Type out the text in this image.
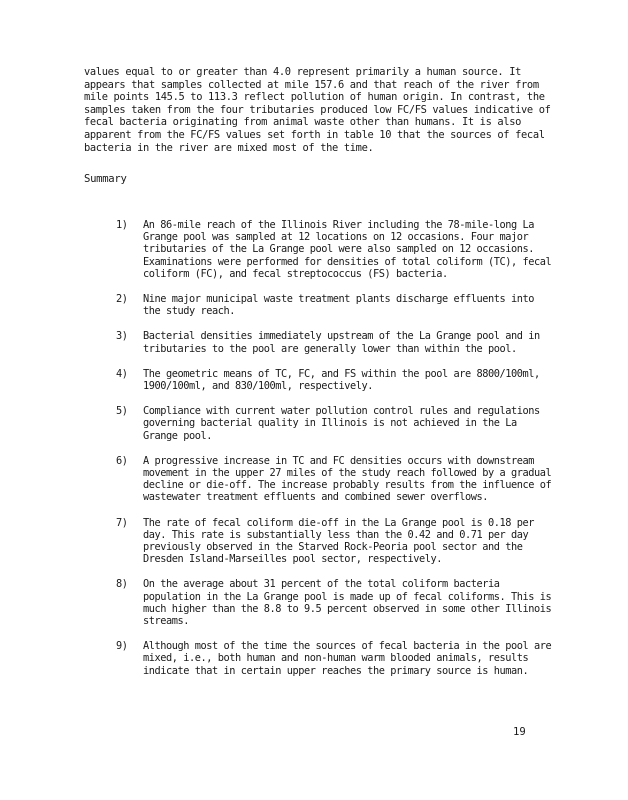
values equal to or greater than 4.0 represent primarily a human source. It appears that samples collected at mile 157.6 and that reach of the river from mile points 145.5 to 113.3 reflect pollution of human origin. In contrast, the samples taken from the four tributaries produced low FC/FS values indicative of fecal bacteria originating from animal waste other than humans. It is also apparent from the FC/FS values set forth in table 10 that the sources of fecal bacteria in the river are mixed most of the time.

Summary
1) An 86-mile reach of the Illinois River including the 78-mile-long La Grange pool was sampled at 12 locations on 12 occasions. Four major tributaries of the La Grange pool were also sampled on 12 occasions. Examinations were performed for densities of total coliform (TC), fecal coliform (FC), and fecal streptococcus (FS) bacteria.
2) Nine major municipal waste treatment plants discharge effluents into the study reach.
3) Bacterial densities immediately upstream of the La Grange pool and in tributaries to the pool are generally lower than within the pool.
4) The geometric means of TC, FC, and FS within the pool are 8800/100ml, 1900/100ml, and 830/100ml, respectively.
5) Compliance with current water pollution control rules and regulations governing bacterial quality in Illinois is not achieved in the La Grange pool.
6) A progressive increase in TC and FC densities occurs with downstream movement in the upper 27 miles of the study reach followed by a gradual decline or die-off. The increase probably results from the influence of wastewater treatment effluents and combined sewer overflows.
7) The rate of fecal coliform die-off in the La Grange pool is 0.18 per day. This rate is substantially less than the 0.42 and 0.71 per day previously observed in the Starved Rock-Peoria pool sector and the Dresden Island-Marseilles pool sector, respectively.
8) On the average about 31 percent of the total coliform bacteria population in the La Grange pool is made up of fecal coliforms. This is much higher than the 8.8 to 9.5 percent observed in some other Illinois streams.
9) Although most of the time the sources of fecal bacteria in the pool are mixed, i.e., both human and non-human warm blooded animals, results indicate that in certain upper reaches the primary source is human.
19
